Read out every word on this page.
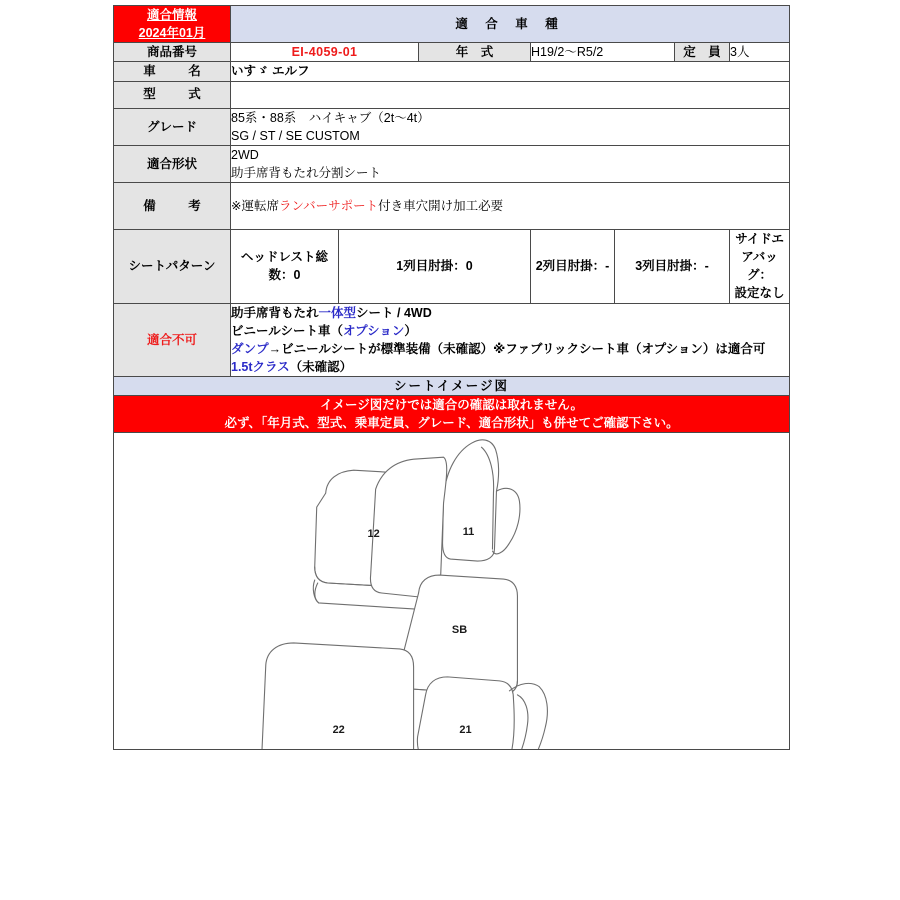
適合情報
2024年01月	適 合 車 種						
商品番号	EI-4059-01		年　式	H19/2～R5/2		定　員	3人
車　名	いすゞ エルフ						
型　式							
グレード	85系・88系　ハイキャブ（2t～4t）
SG / ST / SE CUSTOM						

適合形状	2WD
助手席背もたれ分割シート						

備　考	※運転席ランバーサポート付き車穴開け加工必要						
シートパターン	ヘッドレスト総数：0	1列目肘掛：0		2列目肘掛：-	3列目肘掛：-		サイドエアバッグ：
設定なし

適合不可	助手席背もたれ一体型シート / 4WD
ビニールシート車（オプション）
ダンプ→ビニールシートが標準装備（未確認）※ファブリックシート車（オプション）は適合可
1.5tクラス（未確認）						

シートイメージ図							

イメージ図だけでは適合の確認は取れません。
必ず、「年月式、型式、乗車定員、グレード、適合形状」も併せてご確認下さい。							

11
12
SB
21
22							
